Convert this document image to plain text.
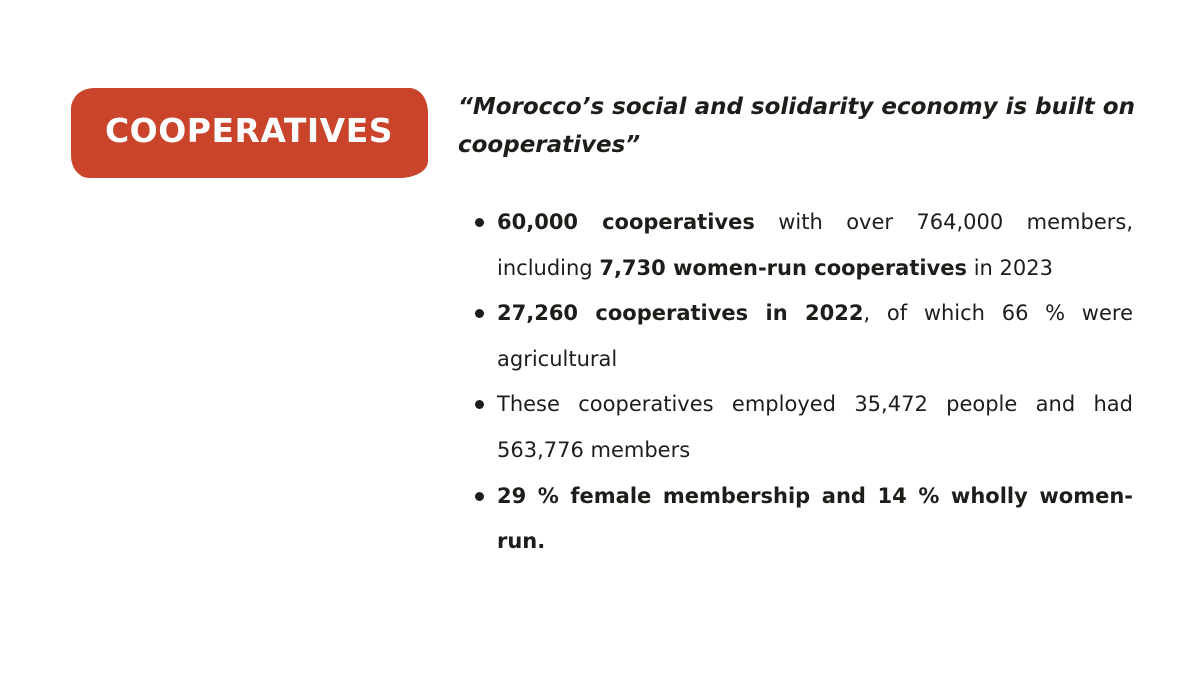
COOPERATIVES

“Morocco’s social and solidarity economy is built on cooperatives”

60,000 cooperatives with over 764,000 members, including 7,730 women-run cooperatives in 2023
27,260 cooperatives in 2022, of which 66 % were agricultural
These cooperatives employed 35,472 people and had 563,776 members
29 % female membership and 14 % wholly women-run.
